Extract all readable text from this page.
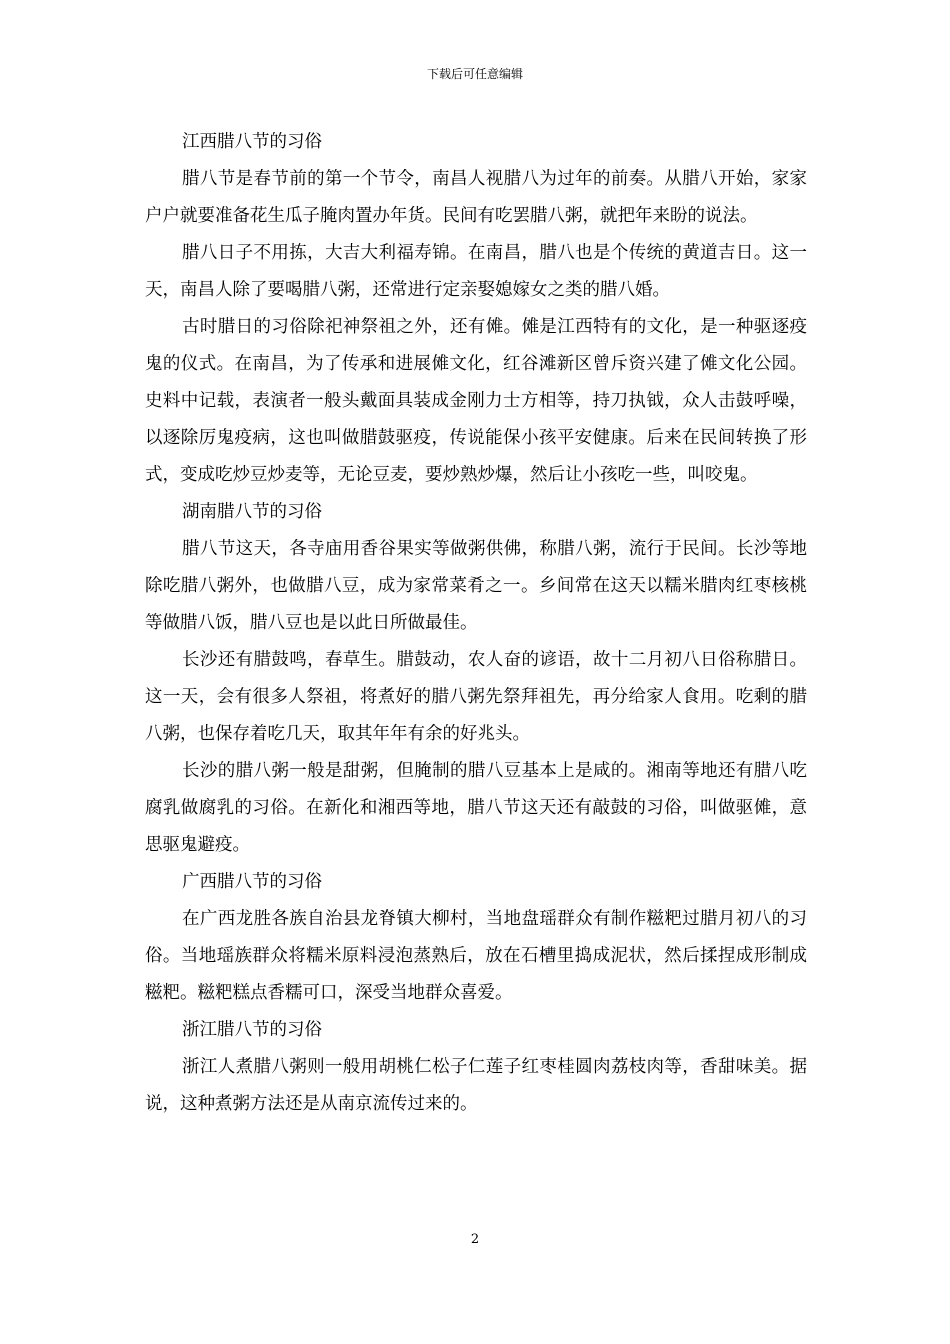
下载后可任意编辑

江西腊八节的习俗

腊八节是春节前的第一个节令，南昌人视腊八为过年的前奏。从腊八开始，家家户户就要准备花生瓜子腌肉置办年货。民间有吃罢腊八粥，就把年来盼的说法。

腊八日子不用拣，大吉大利福寿锦。在南昌，腊八也是个传统的黄道吉日。这一天，南昌人除了要喝腊八粥，还常进行定亲娶媳嫁女之类的腊八婚。

古时腊日的习俗除祀神祭祖之外，还有傩。傩是江西特有的文化，是一种驱逐疫鬼的仪式。在南昌，为了传承和进展傩文化，红谷滩新区曾斥资兴建了傩文化公园。史料中记载，表演者一般头戴面具装成金刚力士方相等，持刀执钺，众人击鼓呼噪，以逐除厉鬼疫病，这也叫做腊鼓驱疫，传说能保小孩平安健康。后来在民间转换了形式，变成吃炒豆炒麦等，无论豆麦，要炒熟炒爆，然后让小孩吃一些，叫咬鬼。

湖南腊八节的习俗

腊八节这天，各寺庙用香谷果实等做粥供佛，称腊八粥，流行于民间。长沙等地除吃腊八粥外，也做腊八豆，成为家常菜肴之一。乡间常在这天以糯米腊肉红枣核桃等做腊八饭，腊八豆也是以此日所做最佳。

长沙还有腊鼓鸣，春草生。腊鼓动，农人奋的谚语，故十二月初八日俗称腊日。这一天，会有很多人祭祖，将煮好的腊八粥先祭拜祖先，再分给家人食用。吃剩的腊八粥，也保存着吃几天，取其年年有余的好兆头。

长沙的腊八粥一般是甜粥，但腌制的腊八豆基本上是咸的。湘南等地还有腊八吃腐乳做腐乳的习俗。在新化和湘西等地，腊八节这天还有敲鼓的习俗，叫做驱傩，意思驱鬼避疫。

广西腊八节的习俗

在广西龙胜各族自治县龙脊镇大柳村，当地盘瑶群众有制作糍粑过腊月初八的习俗。当地瑶族群众将糯米原料浸泡蒸熟后，放在石槽里捣成泥状，然后揉捏成形制成糍粑。糍粑糕点香糯可口，深受当地群众喜爱。

浙江腊八节的习俗

浙江人煮腊八粥则一般用胡桃仁松子仁莲子红枣桂圆肉荔枝肉等，香甜味美。据说，这种煮粥方法还是从南京流传过来的。

2
